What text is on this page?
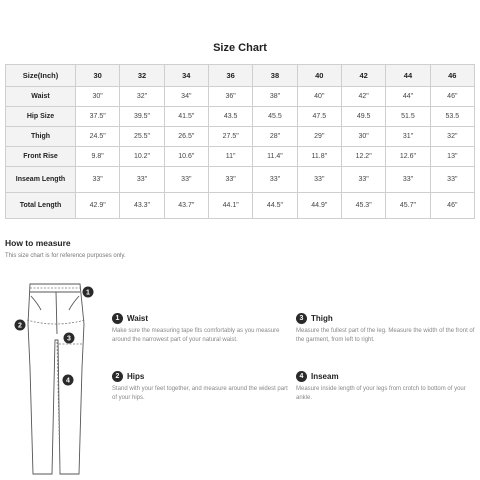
Size Chart
Size(Inch)	30	32	34	36	38	40	42	44	46
Waist	30"	32"	34"	36"	38"	40"	42"	44"	46"
Hip Size	37.5"	39.5"	41.5"	43.5	45.5	47.5	49.5	51.5	53.5
Thigh	24.5"	25.5"	26.5"	27.5"	28"	29"	30"	31"	32"
Front Rise	9.8"	10.2"	10.6"	11"	11.4"	11.8"	12.2"	12.6"	13"
Inseam Length	33"	33"	33"	33"	33"	33"	33"	33"	33"
Total Length	42.9"	43.3"	43.7"	44.1"	44.5"	44.9"	45.3"	45.7"	46"
How to measure
This size chart is for reference purposes only.
1
2
3
4
1 Waist
Make sure the measuring tape fits comfortably as you measure around the narrowest part of your natural waist.
2 Hips
Stand with your feet together, and measure around the widest part of your hips.
3 Thigh
Measure the fullest part of the leg. Measure the width of the front of the garment, from left to right.
4 Inseam
Measure inside length of your legs from crotch to bottom of your ankle.
